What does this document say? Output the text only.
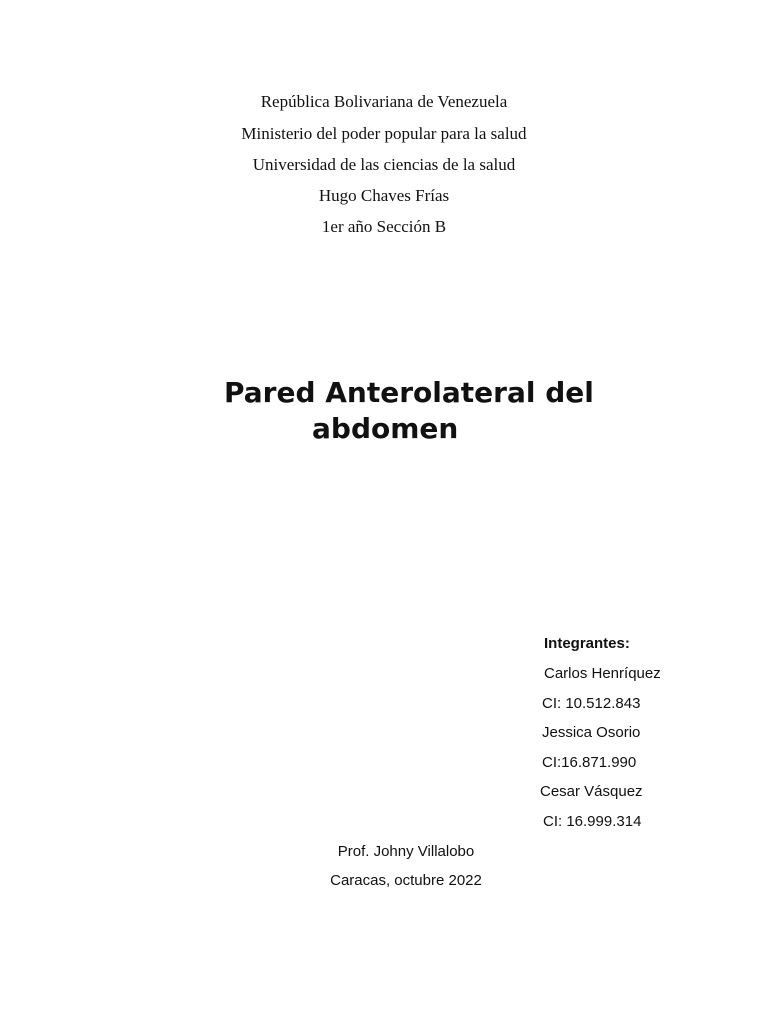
República Bolivariana de Venezuela
Ministerio del poder popular para la salud
Universidad de las ciencias de la salud
Hugo Chaves Frías
1er año Sección B
Pared Anterolateral del
abdomen
Integrantes:
Carlos Henríquez
CI: 10.512.843
Jessica Osorio
CI:16.871.990
Cesar Vásquez
CI: 16.999.314
Prof. Johny Villalobo
Caracas, octubre 2022
